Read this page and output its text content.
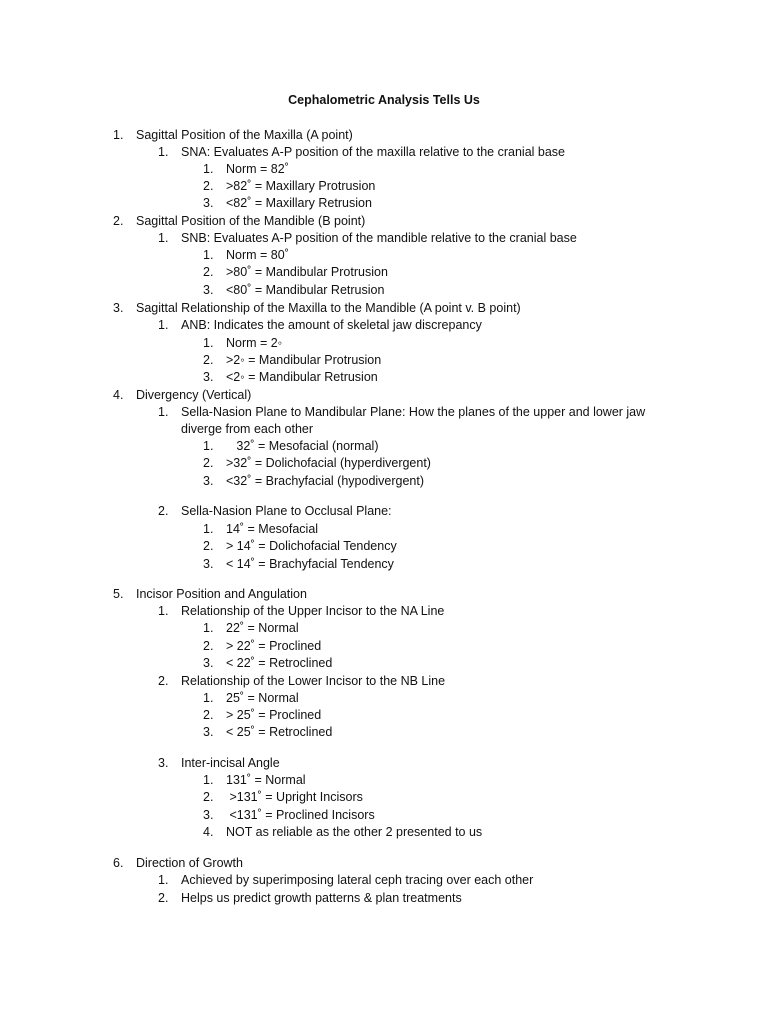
Cephalometric Analysis Tells Us
1.	Sagittal Position of the Maxilla (A point)
1.	SNA: Evaluates A-P position of the maxilla relative to the cranial base
1.	Norm = 82˚
2.	>82˚ = Maxillary Protrusion
3.	<82˚ = Maxillary Retrusion
2.	Sagittal Position of the Mandible (B point)
1.	SNB: Evaluates A-P position of the mandible relative to the cranial base
1.	Norm = 80˚
2.	>80˚ = Mandibular Protrusion
3.	<80˚ = Mandibular Retrusion
3.	Sagittal Relationship of the Maxilla to the Mandible (A point v. B point)
1.	ANB: Indicates the amount of skeletal jaw discrepancy
1.	Norm = 2◦
2.	>2◦ = Mandibular Protrusion
3.	<2◦ = Mandibular Retrusion
4.	Divergency (Vertical)
1.	Sella-Nasion Plane to Mandibular Plane: How the planes of the upper and lower jaw
diverge from each other
1.	32˚ = Mesofacial (normal)
2.	>32˚ = Dolichofacial (hyperdivergent)
3.	<32˚ = Brachyfacial (hypodivergent)
2.	Sella-Nasion Plane to Occlusal Plane:
1.	14˚ = Mesofacial
2.	> 14˚ = Dolichofacial Tendency
3.	< 14˚ = Brachyfacial Tendency
5.	Incisor Position and Angulation
1.	Relationship of the Upper Incisor to the NA Line
1.	22˚ = Normal
2.	> 22˚ = Proclined
3.	< 22˚ = Retroclined
2.	Relationship of the Lower Incisor to the NB Line
1.	25˚ = Normal
2.	> 25˚ = Proclined
3.	< 25˚ = Retroclined
3.	Inter-incisal Angle
1.	131˚ = Normal
2.	>131˚ = Upright Incisors
3.	<131˚ = Proclined Incisors
4.	NOT as reliable as the other 2 presented to us
6.	Direction of Growth
1.	Achieved by superimposing lateral ceph tracing over each other
2.	Helps us predict growth patterns & plan treatments
